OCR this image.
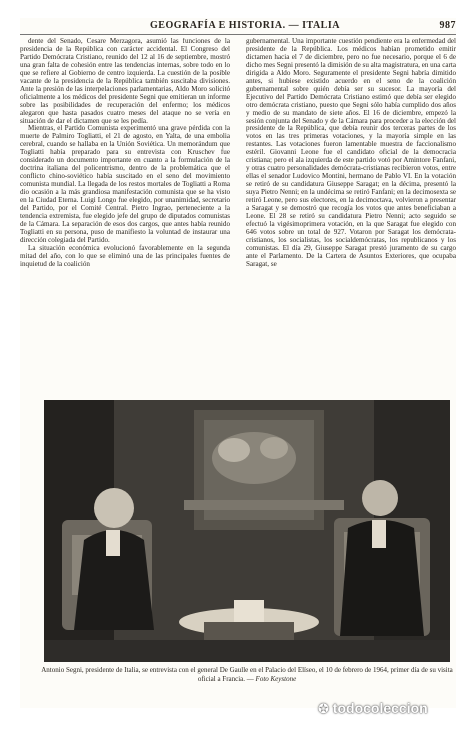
GEOGRAFÍA E HISTORIA. — ITALIA	987

dente del Senado, Cesare Merzagora, asumió las funciones de la presidencia de la República con carácter accidental. El Congreso del Partido Demócrata Cristiano, reunido del 12 al 16 de septiembre, mostró una gran falta de cohesión entre las tendencias internas, sobre todo en lo que se refiere al Gobierno de centro izquierda. La cuestión de la posible vacante de la presidencia de la República también suscitaba divisiones. Ante la presión de las interpelaciones parlamentarias, Aldo Moro solicitó oficialmente a los médicos del presidente Segni que emitieran un informe sobre las posibilidades de recuperación del enfermo; los médicos alegaron que hasta pasados cuatro meses del ataque no se vería en situación de dar el dictamen que se les pedía.

Mientras, el Partido Comunista experimentó una grave pérdida con la muerte de Palmiro Togliatti, el 21 de agosto, en Yalta, de una embolia cerebral, cuando se hallaba en la Unión Soviética. Un memorándum que Togliatti había preparado para su entrevista con Kruschev fue considerado un documento importante en cuanto a la formulación de la doctrina italiana del policentrismo, dentro de la problemática que el conflicto chino-soviético había suscitado en el seno del movimiento comunista mundial. La llegada de los restos mortales de Togliatti a Roma dio ocasión a la más grandiosa manifestación comunista que se ha visto en la Ciudad Eterna. Luigi Longo fue elegido, por unanimidad, secretario del Partido, por el Comité Central. Pietro Ingrao, perteneciente a la tendencia extremista, fue elegido jefe del grupo de diputados comunistas de la Cámara. La separación de esos dos cargos, que antes había reunido Togliatti en su persona, puso de manifiesto la voluntad de instaurar una dirección colegiada del Partido.

La situación económica evolucionó favorablemente en la segunda mitad del año, con lo que se eliminó una de las principales fuentes de inquietud de la coalición

gubernamental. Una importante cuestión pendiente era la enfermedad del presidente de la República. Los médicos habían prometido emitir dictamen hacia el 7 de diciembre, pero no fue necesario, porque el 6 de dicho mes Segni presentó la dimisión de su alta magistratura, en una carta dirigida a Aldo Moro. Seguramente el presidente Segni habría dimitido antes, si hubiese existido acuerdo en el seno de la coalición gubernamental sobre quién debía ser su sucesor. La mayoría del Ejecutivo del Partido Demócrata Cristiano estimó que debía ser elegido otro demócrata cristiano, puesto que Segni sólo había cumplido dos años y medio de su mandato de siete años. El 16 de diciembre, empezó la sesión conjunta del Senado y de la Cámara para proceder a la elección del presidente de la República, que debía reunir dos terceras partes de los votos en las tres primeras votaciones, y la mayoría simple en las restantes. Las votaciones fueron lamentable muestra de faccionalismo estéril. Giovanni Leone fue el candidato oficial de la democracia cristiana; pero el ala izquierda de este partido votó por Amintore Fanfani, y otras cuatro personalidades demócrata-cristianas recibieron votos, entre ellas el senador Ludovico Montini, hermano de Pablo VI. En la votación se retiró de su candidatura Giuseppe Saragat; en la décima, presentó la suya Pietro Nenni; en la undécima se retiró Fanfani; en la decimosexta se retiró Leone, pero sus electores, en la decimoctava, volvieron a presentar a Saragat y se demostró que recogía los votos que antes beneficiaban a Leone. El 28 se retiró su candidatura Pietro Nenni; acto seguido se efectuó la vigésimoprimera votación, en la que Saragat fue elegido con 646 votos sobre un total de 927. Votaron por Saragat los demócrata-cristianos, los socialistas, los socialdemócratas, los republicanos y los comunistas. El día 29, Giuseppe Saragat prestó juramento de su cargo ante el Parlamento. De la Cartera de Asuntos Exteriores, que ocupaba Saragat, se

Antonio Segni, presidente de Italia, se entrevista con el general De Gaulle en el Palacio del Elíseo, el 10 de febrero de 1964, primer día de su visita oficial a Francia. — Foto Keystone
✪ todocoleccion
